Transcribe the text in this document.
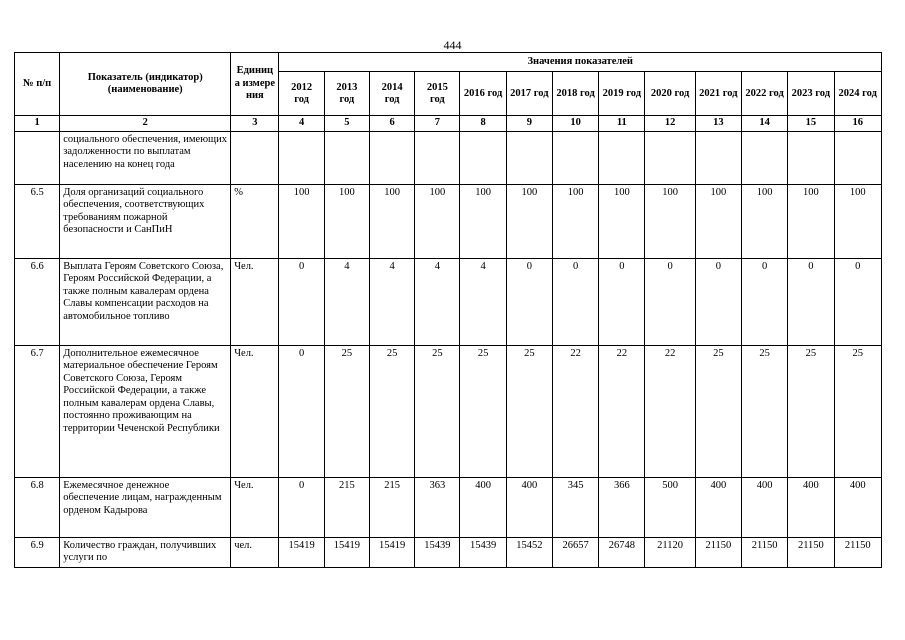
444
№ п/п	Показатель (индикатор) (наименование)	Единиц а измере ния	Значения показателей												
			2012 год	2013 год	2014 год	2015 год	2016 год	2017 год	2018 год	2019 год	2020 год	2021 год	2022 год	2023 год	2024 год
1	2	3	4	5	6	7	8	9	10	11	12	13	14	15	16
	социального обеспечения, имеющих задолженности по выплатам населению на конец года														
6.5	Доля организаций социального обеспечения, соответствующих требованиям пожарной безопасности и СанПиН	%	100	100	100	100	100	100	100	100	100	100	100	100	100
6.6	Выплата Героям Советского Союза, Героям Российской Федерации, а также полным кавалерам ордена Славы компенсации расходов на автомобильное топливо	Чел.	0	4	4	4	4	0	0	0	0	0	0	0	0
6.7	Дополнительное ежемесячное материальное обеспечение Героям Советского Союза, Героям Российской Федерации, а также полным кавалерам ордена Славы, постоянно проживающим на территории Чеченской Республики	Чел.	0	25	25	25	25	25	22	22	22	25	25	25	25
6.8	Ежемесячное денежное обеспечение лицам, награжденным орденом Кадырова	Чел.	0	215	215	363	400	400	345	366	500	400	400	400	400
6.9	Количество граждан, получивших услуги по	чел.	15419	15419	15419	15439	15439	15452	26657	26748	21120	21150	21150	21150	21150
